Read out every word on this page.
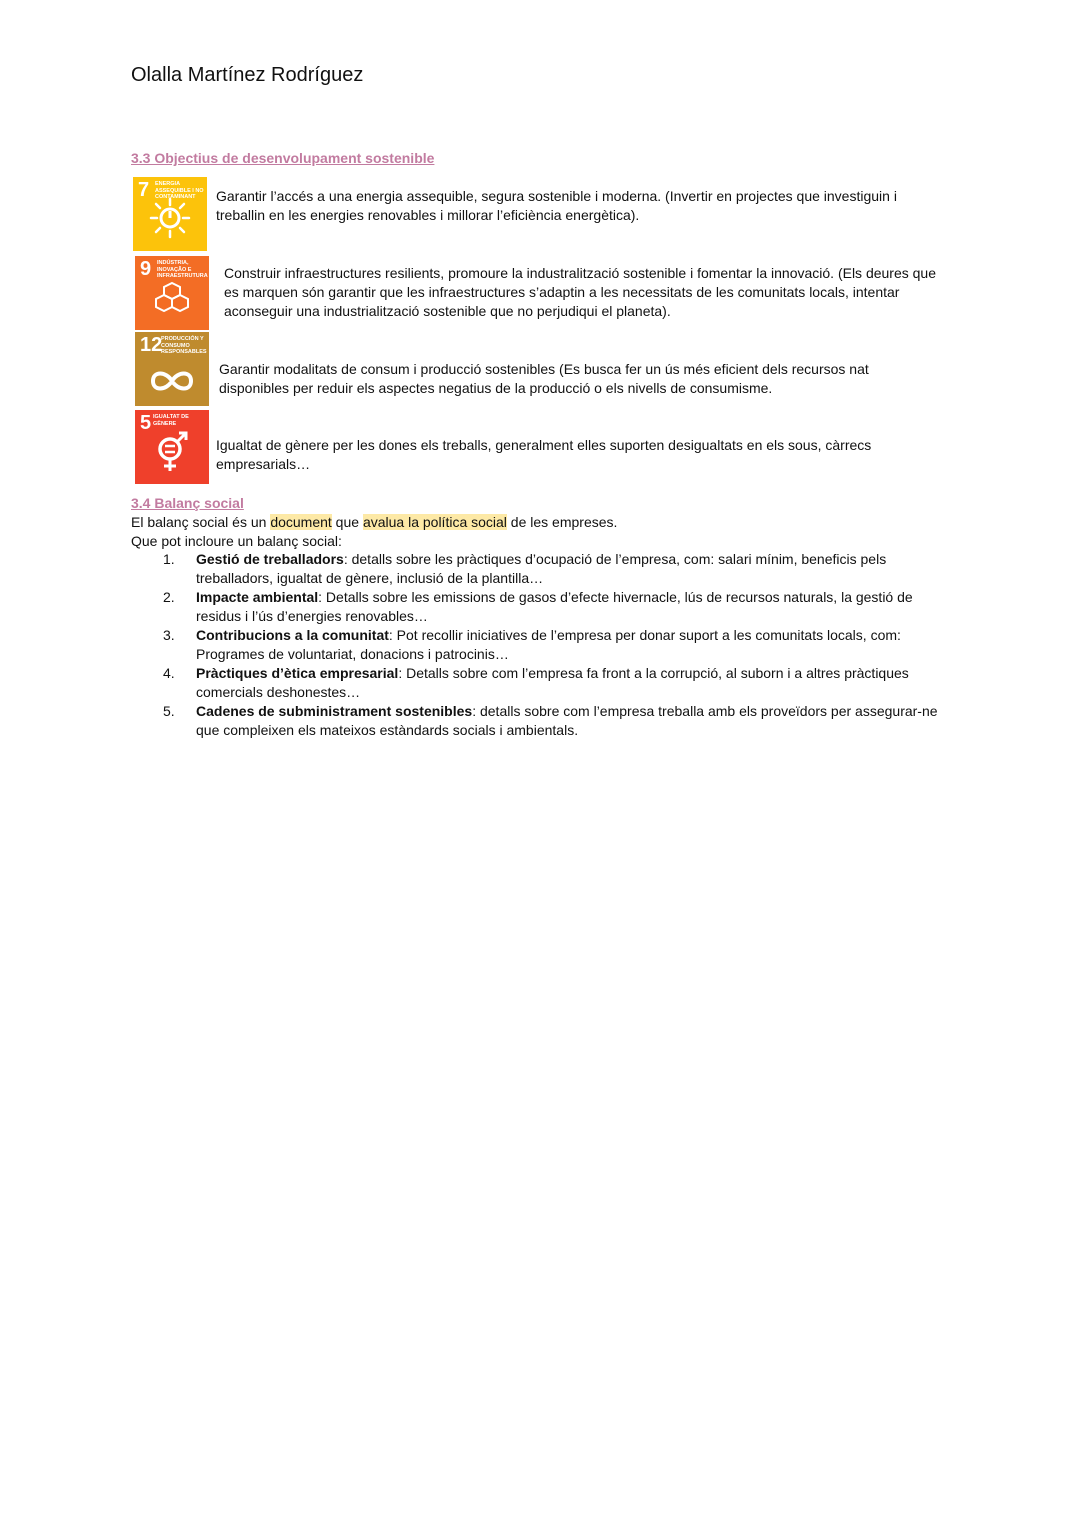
Olalla Martínez Rodríguez
3.3 Objectius de desenvolupament sostenible
7 ENERGIA ASSEQUIBLE I NO CONTAMINANT	Garantir l’accés a una energia assequible, segura sostenible i moderna. (Invertir en projectes que investiguin i treballin en les energies renovables i millorar l’eficiència energètica).
9 INDÚSTRIA, INOVAÇÃO E INFRAESTRUTURA Construir infraestructures resilients, promoure la industralització sostenible i fomentar la innovació. (Els deures que es marquen són garantir que les infraestructures s’adaptin a les necessitats de les comunitats locals, intentar aconseguir una industrialització sostenible que no perjudiqui el planeta).
12
PRODUCCIÓN Y CONSUMO RESPONSABLES
Garantir modalitats de consum i producció sostenibles (Es busca fer un ús més eficient dels recursos nat disponibles per reduir els aspectes negatius de la producció o els nivells de consumisme.
5 IGUALTAT DE GÈNERE
Igualtat de gènere per les dones els treballs, generalment elles suporten desigualtats en els sous, càrrecs empresarials…
3.4 Balanç social
El balanç social és un document que avalua la política social de les empreses.
Que pot incloure un balanç social:
1. Gestió de treballadors: detalls sobre les pràctiques d’ocupació de l’empresa, com: salari mínim, beneficis pels treballadors, igualtat de gènere, inclusió de la plantilla…
2. Impacte ambiental: Detalls sobre les emissions de gasos d’efecte hivernacle, lús de recursos naturals, la gestió de residus i l’ús d’energies renovables…
3. Contribucions a la comunitat: Pot recollir iniciatives de l’empresa per donar suport a les comunitats locals, com: Programes de voluntariat, donacions i patrocinis…
4. Pràctiques d’ètica empresarial: Detalls sobre com l’empresa fa front a la corrupció, al suborn i a altres pràctiques comercials deshonestes…
5. Cadenes de subministrament sostenibles: detalls sobre com l’empresa treballa amb els proveïdors per assegurar-ne que compleixen els mateixos estàndards socials i ambientals.
